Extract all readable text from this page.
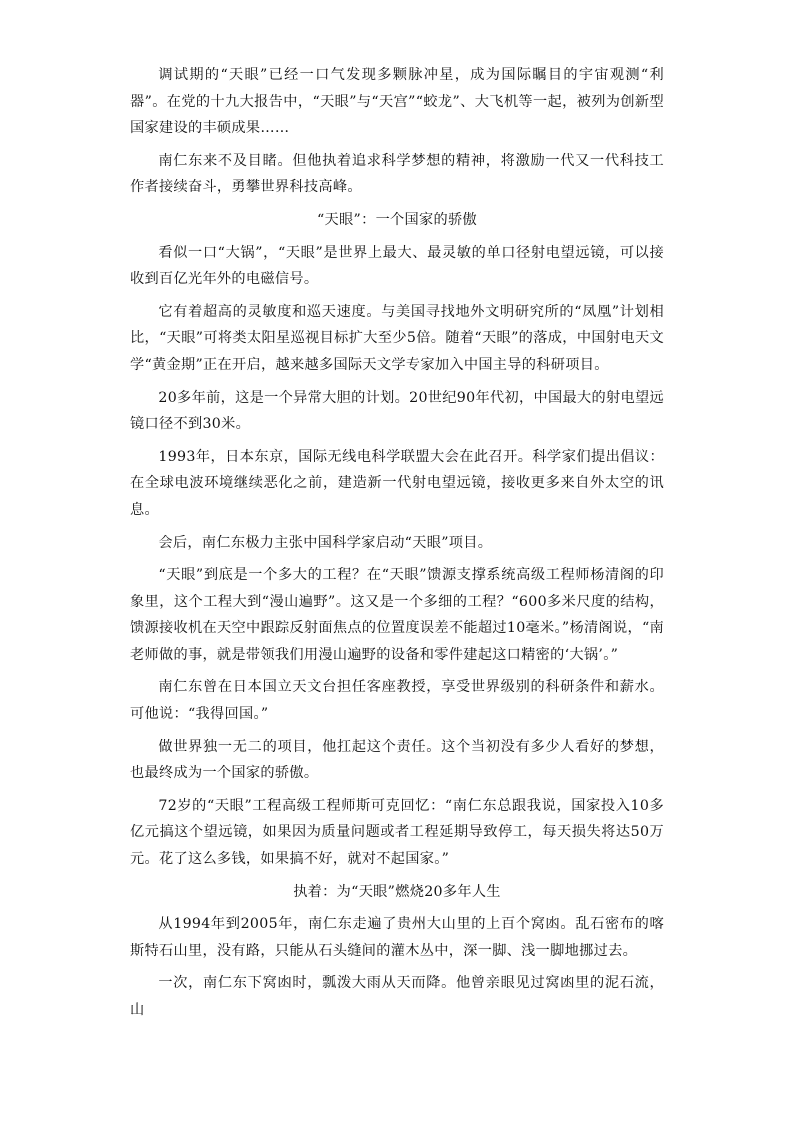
调试期的“天眼”已经一口气发现多颗脉冲星，成为国际瞩目的宇宙观测“利器”。在党的十九大报告中，“天眼”与“天宫”“蛟龙”、大飞机等一起，被列为创新型国家建设的丰硕成果……

南仁东来不及目睹。但他执着追求科学梦想的精神，将激励一代又一代科技工作者接续奋斗，勇攀世界科技高峰。

“天眼”：一个国家的骄傲

看似一口“大锅”，“天眼”是世界上最大、最灵敏的单口径射电望远镜，可以接收到百亿光年外的电磁信号。

它有着超高的灵敏度和巡天速度。与美国寻找地外文明研究所的“凤凰”计划相比，“天眼”可将类太阳星巡视目标扩大至少5倍。随着“天眼”的落成，中国射电天文学“黄金期”正在开启，越来越多国际天文学专家加入中国主导的科研项目。

20多年前，这是一个异常大胆的计划。20世纪90年代初，中国最大的射电望远镜口径不到30米。

1993年，日本东京，国际无线电科学联盟大会在此召开。科学家们提出倡议：在全球电波环境继续恶化之前，建造新一代射电望远镜，接收更多来自外太空的讯息。

会后，南仁东极力主张中国科学家启动“天眼”项目。

“天眼”到底是一个多大的工程？在“天眼”馈源支撑系统高级工程师杨清阁的印象里，这个工程大到“漫山遍野”。这又是一个多细的工程？“600多米尺度的结构，馈源接收机在天空中跟踪反射面焦点的位置度误差不能超过10毫米。”杨清阁说，“南老师做的事，就是带领我们用漫山遍野的设备和零件建起这口精密的‘大锅’。”

南仁东曾在日本国立天文台担任客座教授，享受世界级别的科研条件和薪水。可他说：“我得回国。”

做世界独一无二的项目，他扛起这个责任。这个当初没有多少人看好的梦想，也最终成为一个国家的骄傲。

72岁的“天眼”工程高级工程师斯可克回忆：“南仁东总跟我说，国家投入10多亿元搞这个望远镜，如果因为质量问题或者工程延期导致停工，每天损失将达50万元。花了这么多钱，如果搞不好，就对不起国家。”

执着：为“天眼”燃烧20多年人生

从1994年到2005年，南仁东走遍了贵州大山里的上百个窝凼。乱石密布的喀斯特石山里，没有路，只能从石头缝间的灌木丛中，深一脚、浅一脚地挪过去。

一次，南仁东下窝凼时，瓢泼大雨从天而降。他曾亲眼见过窝凼里的泥石流，山
